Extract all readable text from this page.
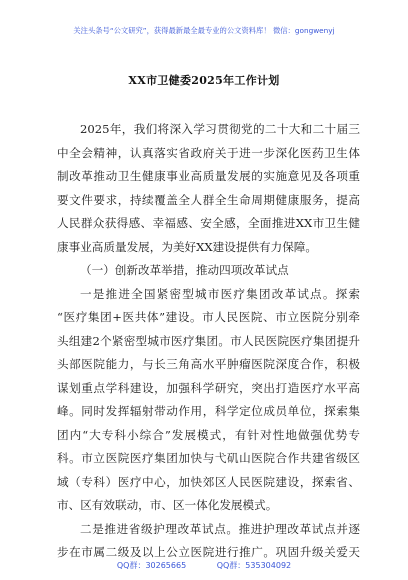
关注头条号“公文研究”，获得最新最全最专业的公文资料库！ 微信：gongwenyj
XX市卫健委2025年工作计划
2025年，我们将深入学习贯彻党的二十大和二十届三
中全会精神，认真落实省政府关于进一步深化医药卫生体
制改革推动卫生健康事业高质量发展的实施意见及各项重
要文件要求，持续覆盖全人群全生命周期健康服务，提高
人民群众获得感、幸福感、安全感，全面推进XX市卫生健
康事业高质量发展，为美好XX建设提供有力保障。
（一）创新改革举措，推动四项改革试点
一是推进全国紧密型城市医疗集团改革试点。探索
“医疗集团+医共体”建设。市人民医院、市立医院分别牵
头组建2个紧密型城市医疗集团。市人民医院医疗集团提升
头部医院能力，与长三角高水平肿瘤医院深度合作，积极
谋划重点学科建设，加强科学研究，突出打造医疗水平高
峰。同时发挥辐射带动作用，科学定位成员单位，探索集
团内“大专科小综合”发展模式，有针对性地做强优势专
科。市立医院医疗集团加快与弋矶山医院合作共建省级区
域（专科）医疗中心，加快郊区人民医院建设，探索省、
市、区有效联动，市、区一体化发展模式。
二是推进省级护理改革试点。推进护理改革试点并逐
步在市属二级及以上公立医院进行推广。巩固升级关爱天
QQ群：30265665	QQ群：535304092
